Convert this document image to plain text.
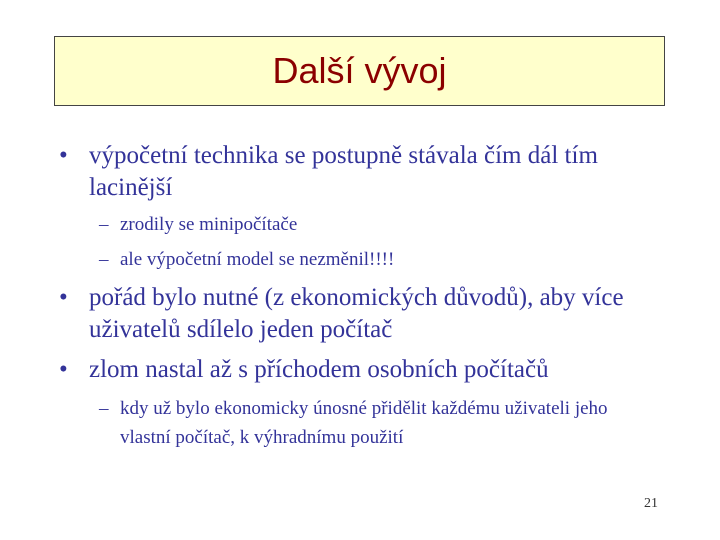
Další vývoj
• výpočetní technika se postupně stávala čím dál tím lacinější
– zrodily se minipočítače
– ale výpočetní model se nezměnil!!!!
• pořád bylo nutné (z ekonomických důvodů), aby více uživatelů sdílelo jeden počítač
• zlom nastal až s příchodem osobních počítačů
– kdy už bylo ekonomicky únosné přidělit každému uživateli jeho vlastní počítač, k výhradnímu použití
21
